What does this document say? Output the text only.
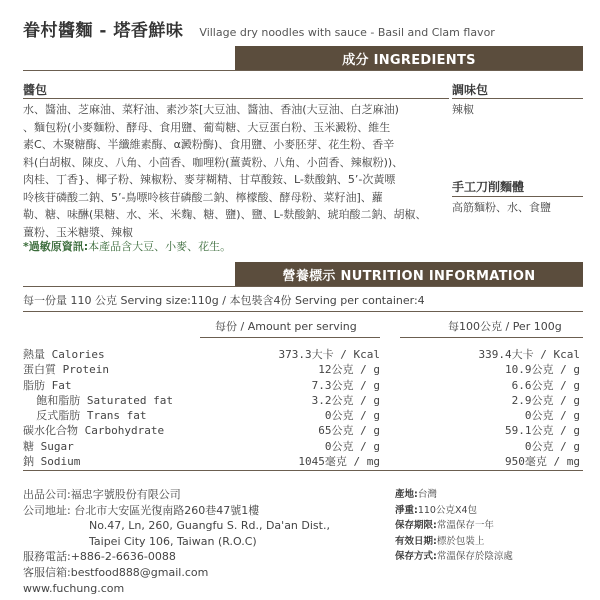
眷村醬麵 - 塔香鮮味 Village dry noodles with sauce - Basil and Clam flavor
成分 INGREDIENTS
醬包	調味包
水、醬油、芝麻油、菜籽油、素沙茶[大豆油、醬油、香油(大豆油、白芝麻油)
、麵包粉(小麥麵粉、酵母、食用鹽、葡萄糖、大豆蛋白粉、玉米澱粉、維生
素C、木聚糖酶、半纖維素酶、α澱粉酶)、食用鹽、小麥胚芽、花生粉、香辛
料(白胡椒、陳皮、八角、小茴香、咖哩粉(薑黃粉、八角、小茴香、辣椒粉))、
肉桂、丁香}、椰子粉、辣椒粉、麥芽糊精、甘草酸銨、L-麩酸鈉、5’-次黃嘌
呤核苷磷酸二鈉、5’-鳥嘌呤核苷磷酸二鈉、檸檬酸、酵母粉、菜籽油]、蘿
勒、糖、味醂(果糖、水、米、米麴、糖、鹽)、鹽、L-麩酸鈉、琥珀酸二鈉、胡椒、
薑粉、玉米糖漿、辣椒
辣椒
手工刀削麵體
高筋麵粉、水、食鹽
*過敏原資訊:本產品含大豆、小麥、花生。
營養標示 NUTRITION INFORMATION
每一份量 110 公克 Serving size:110g / 本包裝含4份 Serving per container:4
每份 / Amount per serving	每100公克 / Per 100g
熱量 Calories
蛋白質 Protein
脂肪 Fat
飽和脂肪 Saturated fat
反式脂肪 Trans fat
碳水化合物 Carbohydrate
糖 Sugar
鈉 Sodium
373.3大卡 / Kcal
12公克 / g
7.3公克 / g
3.2公克 / g
0公克 / g
65公克 / g
0公克 / g
1045毫克 / mg
339.4大卡 / Kcal
10.9公克 / g
6.6公克 / g
2.9公克 / g
0公克 / g
59.1公克 / g
0公克 / g
950毫克 / mg
出品公司:福忠字號股份有限公司
公司地址: 台北市大安區光復南路260巷47號1樓
No.47, Ln, 260, Guangfu S. Rd., Da'an Dist.,
Taipei City 106, Taiwan (R.O.C)
服務電話:+886-2-6636-0088
客服信箱:bestfood888@gmail.com
www.fuchung.com
產地:台灣
淨重:110公克X4包
保存期限:常溫保存一年
有效日期:標於包裝上
保存方式:常溫保存於陰涼處
